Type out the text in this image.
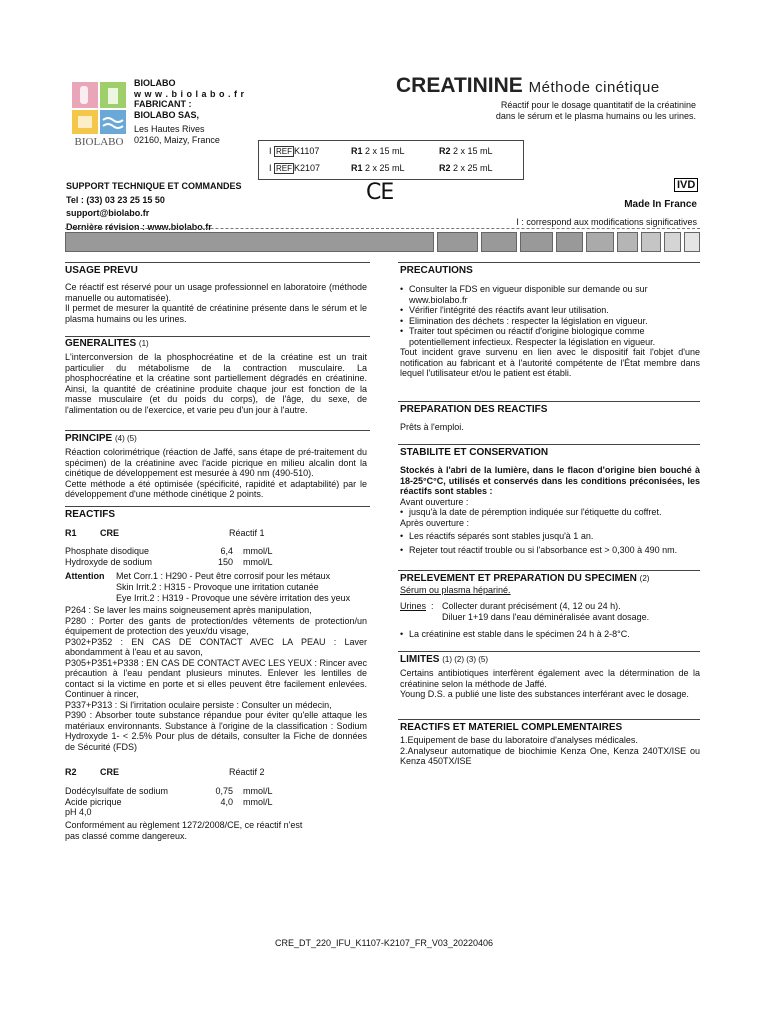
BIOLABO
BIOLABO
w w w . b i o l a b o . f r
FABRICANT :
BIOLABO SAS,
Les Hautes Rives
02160, Maizy, France
CREATININE Méthode cinétique
Réactif pour le dosage quantitatif de la créatinine
dans le sérum et le plasma humains ou les urines.
I REF K1107	R1 2 x 15 mL	R2 2 x 15 mL
I REF K2107	R1 2 x 25 mL	R2 2 x 25 mL
SUPPORT TECHNIQUE ET COMMANDES
Tel : (33) 03 23 25 15 50
support@biolabo.fr
Dernière révision : www.biolabo.fr
CE	IVD
Made In France
I : correspond aux modifications significatives
USAGE PREVU

Ce réactif est réservé pour un usage professionnel en laboratoire (méthode manuelle ou automatisée).

Il permet de mesurer la quantité de créatinine présente dans le sérum et le plasma humains ou les urines.

GENERALITES (1)
L'interconversion de la phosphocréatine et de la créatine est un trait particulier du métabolisme de la contraction musculaire. La phosphocréatine et la créatine sont partiellement dégradés en créatinine. Ainsi, la quantité de créatinine produite chaque jour est fonction de la masse musculaire (et du poids du corps), de l'âge, du sexe, de l'alimentation ou de l'exercice, et varie peu d'un jour à l'autre.
PRINCIPE (4) (5)

Réaction colorimétrique (réaction de Jaffé, sans étape de pré-traitement du spécimen) de la créatinine avec l'acide picrique en milieu alcalin dont la cinétique de développement est mesurée à 490 nm (490-510).

Cette méthode a été optimisée (spécificité, rapidité et adaptabilité) par le développement d'une méthode cinétique 2 points.

REACTIFS
R1	CRE	Réactif 1
Phosphate disodique	6,4 mmol/L
Hydroxyde de sodium	150 mmol/L
Attention Met Corr.1 : H290 - Peut être corrosif pour les métaux
Skin Irrit.2 : H315 - Provoque une irritation cutanée
Eye Irrit.2 : H319 - Provoque une sévère irritation des yeux

P264 : Se laver les mains soigneusement après manipulation,

P280 : Porter des gants de protection/des vêtements de protection/un équipement de protection des yeux/du visage,

P302+P352 : EN CAS DE CONTACT AVEC LA PEAU : Laver abondamment à l'eau et au savon,

P305+P351+P338 : EN CAS DE CONTACT AVEC LES YEUX : Rincer avec précaution à l'eau pendant plusieurs minutes. Enlever les lentilles de contact si la victime en porte et si elles peuvent être facilement enlevées. Continuer à rincer,

P337+P313 : Si l'irritation oculaire persiste : Consulter un médecin,

P390 : Absorber toute substance répandue pour éviter qu'elle attaque les matériaux environnants. Substance à l'origine de la classification : Sodium Hydroxyde 1- < 2.5% Pour plus de détails, consulter la Fiche de données de Sécurité (FDS)

R2	CRE	Réactif 2
Dodécylsulfate de sodium	0,75 mmol/L
Acide picrique	4,0 mmol/L
pH 4,0
Conformément au règlement 1272/2008/CE, ce réactif n'est pas classé comme dangereux.
PRECAUTIONS
• Consulter la FDS en vigueur disponible sur demande ou sur www.biolabo.fr
• Vérifier l'intégrité des réactifs avant leur utilisation.
• Elimination des déchets : respecter la législation en vigueur.
• Traiter tout spécimen ou réactif d'origine biologique comme potentiellement infectieux. Respecter la législation en vigueur.

Tout incident grave survenu en lien avec le dispositif fait l'objet d'une notification au fabricant et à l'autorité compétente de l'État membre dans lequel l'utilisateur et/ou le patient est établi.

PREPARATION DES REACTIFS
Prêts à l'emploi.
STABILITE ET CONSERVATION

Stockés à l'abri de la lumière, dans le flacon d'origine bien bouché à 18-25°C°C, utilisés et conservés dans les conditions préconisées, les réactifs sont stables :

Avant ouverture :

• jusqu'à la date de péremption indiquée sur l'étiquette du coffret.

Après ouverture :

• Les réactifs séparés sont stables jusqu'à 1 an.
• Rejeter tout réactif trouble ou si l'absorbance est > 0,300 à 490 nm.
PRELEVEMENT ET PREPARATION DU SPECIMEN (2)
Sérum ou plasma hépariné.
Urines : Collecter durant précisément (4, 12 ou 24 h).
Diluer 1+19 dans l'eau déminéralisée avant dosage.
• La créatinine est stable dans le spécimen 24 h à 2-8°C.
LIMITES (1) (2) (3) (5)

Certains antibiotiques interfèrent également avec la détermination de la créatinine selon la méthode de Jaffé.

Young D.S. a publié une liste des substances interférant avec le dosage.

REACTIFS ET MATERIEL COMPLEMENTAIRES

1.Equipement de base du laboratoire d'analyses médicales.

2.Analyseur automatique de biochimie Kenza One, Kenza 240TX/ISE ou Kenza 450TX/ISE

CRE_DT_220_IFU_K1107-K2107_FR_V03_20220406
